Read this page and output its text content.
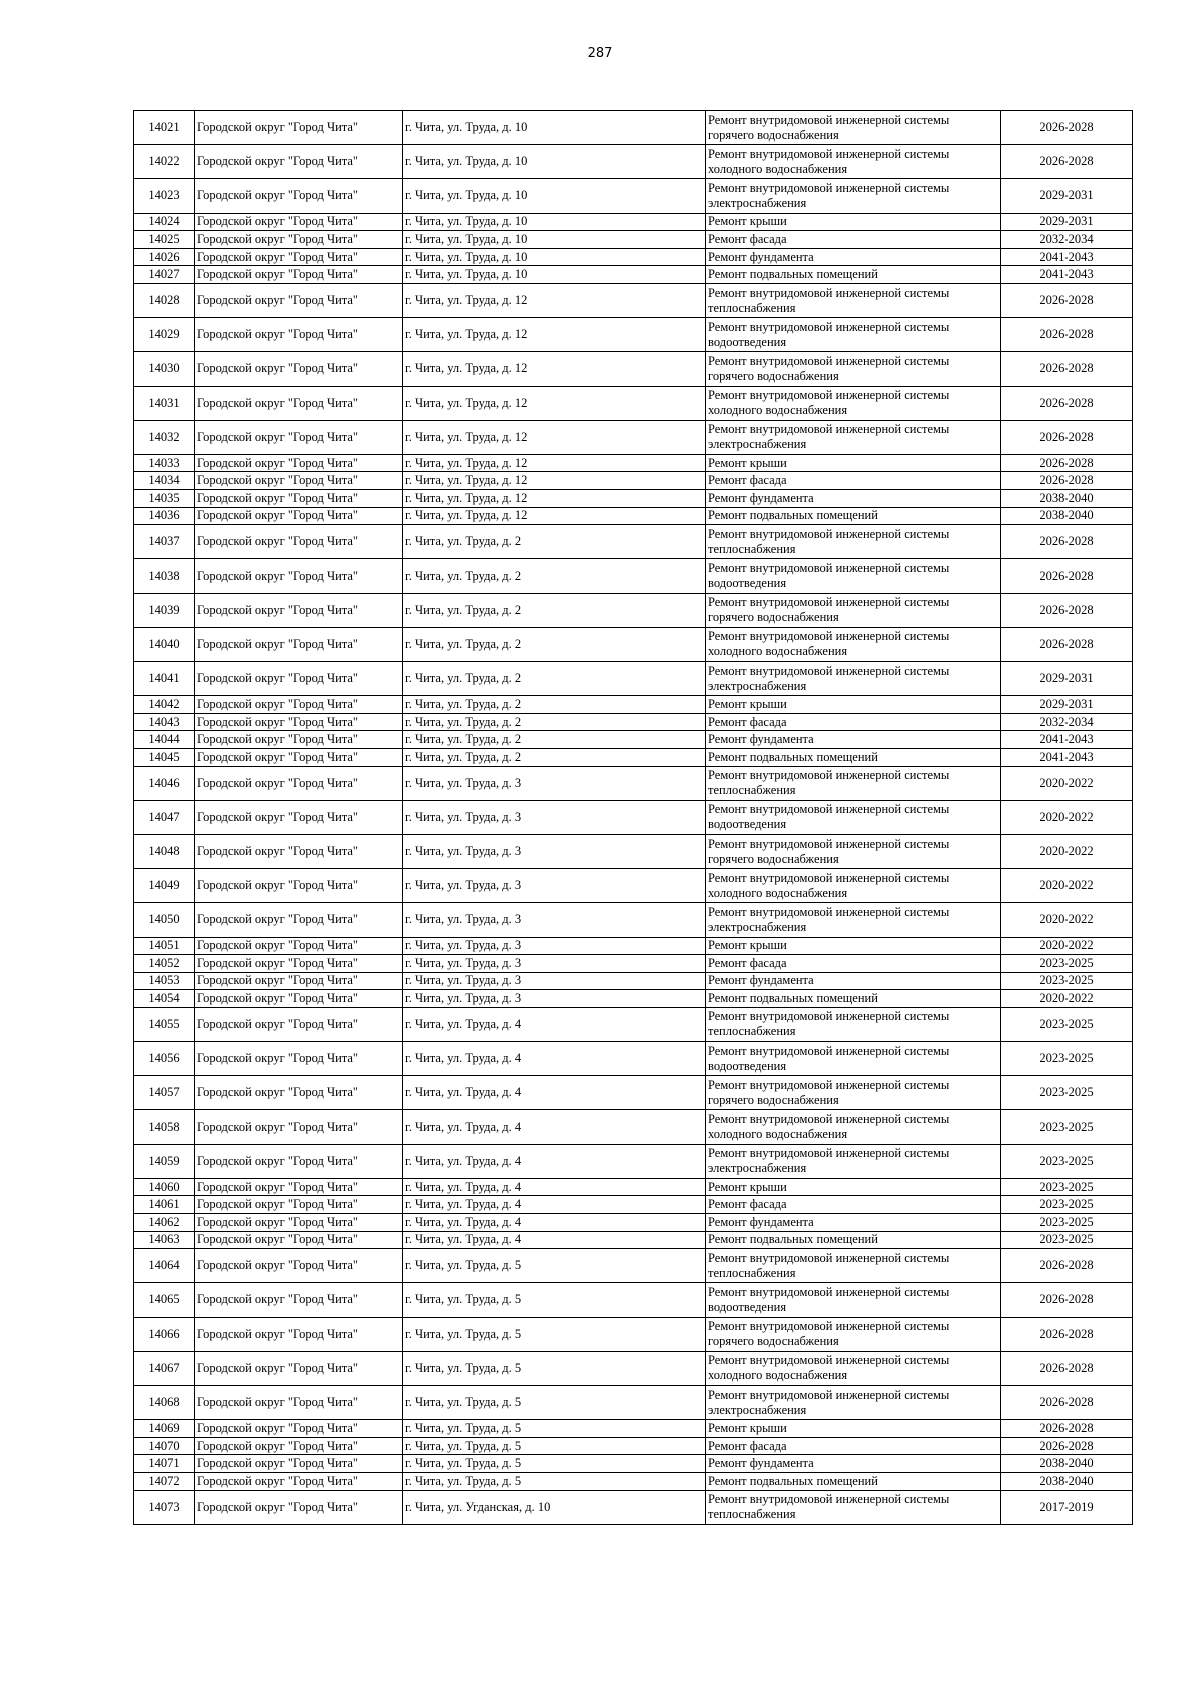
287
14021	Городской округ "Город Чита"	г. Чита, ул. Труда, д. 10	Ремонт внутридомовой инженерной системы горячего водоснабжения	2026-2028
14022	Городской округ "Город Чита"	г. Чита, ул. Труда, д. 10	Ремонт внутридомовой инженерной системы холодного водоснабжения	2026-2028
14023	Городской округ "Город Чита"	г. Чита, ул. Труда, д. 10	Ремонт внутридомовой инженерной системы электроснабжения	2029-2031
14024	Городской округ "Город Чита"	г. Чита, ул. Труда, д. 10	Ремонт крыши	2029-2031
14025	Городской округ "Город Чита"	г. Чита, ул. Труда, д. 10	Ремонт фасада	2032-2034
14026	Городской округ "Город Чита"	г. Чита, ул. Труда, д. 10	Ремонт фундамента	2041-2043
14027	Городской округ "Город Чита"	г. Чита, ул. Труда, д. 10	Ремонт подвальных помещений	2041-2043
14028	Городской округ "Город Чита"	г. Чита, ул. Труда, д. 12	Ремонт внутридомовой инженерной системы теплоснабжения	2026-2028
14029	Городской округ "Город Чита"	г. Чита, ул. Труда, д. 12	Ремонт внутридомовой инженерной системы водоотведения	2026-2028
14030	Городской округ "Город Чита"	г. Чита, ул. Труда, д. 12	Ремонт внутридомовой инженерной системы горячего водоснабжения	2026-2028
14031	Городской округ "Город Чита"	г. Чита, ул. Труда, д. 12	Ремонт внутридомовой инженерной системы холодного водоснабжения	2026-2028
14032	Городской округ "Город Чита"	г. Чита, ул. Труда, д. 12	Ремонт внутридомовой инженерной системы электроснабжения	2026-2028
14033	Городской округ "Город Чита"	г. Чита, ул. Труда, д. 12	Ремонт крыши	2026-2028
14034	Городской округ "Город Чита"	г. Чита, ул. Труда, д. 12	Ремонт фасада	2026-2028
14035	Городской округ "Город Чита"	г. Чита, ул. Труда, д. 12	Ремонт фундамента	2038-2040
14036	Городской округ "Город Чита"	г. Чита, ул. Труда, д. 12	Ремонт подвальных помещений	2038-2040
14037	Городской округ "Город Чита"	г. Чита, ул. Труда, д. 2	Ремонт внутридомовой инженерной системы теплоснабжения	2026-2028
14038	Городской округ "Город Чита"	г. Чита, ул. Труда, д. 2	Ремонт внутридомовой инженерной системы водоотведения	2026-2028
14039	Городской округ "Город Чита"	г. Чита, ул. Труда, д. 2	Ремонт внутридомовой инженерной системы горячего водоснабжения	2026-2028
14040	Городской округ "Город Чита"	г. Чита, ул. Труда, д. 2	Ремонт внутридомовой инженерной системы холодного водоснабжения	2026-2028
14041	Городской округ "Город Чита"	г. Чита, ул. Труда, д. 2	Ремонт внутридомовой инженерной системы электроснабжения	2029-2031
14042	Городской округ "Город Чита"	г. Чита, ул. Труда, д. 2	Ремонт крыши	2029-2031
14043	Городской округ "Город Чита"	г. Чита, ул. Труда, д. 2	Ремонт фасада	2032-2034
14044	Городской округ "Город Чита"	г. Чита, ул. Труда, д. 2	Ремонт фундамента	2041-2043
14045	Городской округ "Город Чита"	г. Чита, ул. Труда, д. 2	Ремонт подвальных помещений	2041-2043
14046	Городской округ "Город Чита"	г. Чита, ул. Труда, д. 3	Ремонт внутридомовой инженерной системы теплоснабжения	2020-2022
14047	Городской округ "Город Чита"	г. Чита, ул. Труда, д. 3	Ремонт внутридомовой инженерной системы водоотведения	2020-2022
14048	Городской округ "Город Чита"	г. Чита, ул. Труда, д. 3	Ремонт внутридомовой инженерной системы горячего водоснабжения	2020-2022
14049	Городской округ "Город Чита"	г. Чита, ул. Труда, д. 3	Ремонт внутридомовой инженерной системы холодного водоснабжения	2020-2022
14050	Городской округ "Город Чита"	г. Чита, ул. Труда, д. 3	Ремонт внутридомовой инженерной системы электроснабжения	2020-2022
14051	Городской округ "Город Чита"	г. Чита, ул. Труда, д. 3	Ремонт крыши	2020-2022
14052	Городской округ "Город Чита"	г. Чита, ул. Труда, д. 3	Ремонт фасада	2023-2025
14053	Городской округ "Город Чита"	г. Чита, ул. Труда, д. 3	Ремонт фундамента	2023-2025
14054	Городской округ "Город Чита"	г. Чита, ул. Труда, д. 3	Ремонт подвальных помещений	2020-2022
14055	Городской округ "Город Чита"	г. Чита, ул. Труда, д. 4	Ремонт внутридомовой инженерной системы теплоснабжения	2023-2025
14056	Городской округ "Город Чита"	г. Чита, ул. Труда, д. 4	Ремонт внутридомовой инженерной системы водоотведения	2023-2025
14057	Городской округ "Город Чита"	г. Чита, ул. Труда, д. 4	Ремонт внутридомовой инженерной системы горячего водоснабжения	2023-2025
14058	Городской округ "Город Чита"	г. Чита, ул. Труда, д. 4	Ремонт внутридомовой инженерной системы холодного водоснабжения	2023-2025
14059	Городской округ "Город Чита"	г. Чита, ул. Труда, д. 4	Ремонт внутридомовой инженерной системы электроснабжения	2023-2025
14060	Городской округ "Город Чита"	г. Чита, ул. Труда, д. 4	Ремонт крыши	2023-2025
14061	Городской округ "Город Чита"	г. Чита, ул. Труда, д. 4	Ремонт фасада	2023-2025
14062	Городской округ "Город Чита"	г. Чита, ул. Труда, д. 4	Ремонт фундамента	2023-2025
14063	Городской округ "Город Чита"	г. Чита, ул. Труда, д. 4	Ремонт подвальных помещений	2023-2025
14064	Городской округ "Город Чита"	г. Чита, ул. Труда, д. 5	Ремонт внутридомовой инженерной системы теплоснабжения	2026-2028
14065	Городской округ "Город Чита"	г. Чита, ул. Труда, д. 5	Ремонт внутридомовой инженерной системы водоотведения	2026-2028
14066	Городской округ "Город Чита"	г. Чита, ул. Труда, д. 5	Ремонт внутридомовой инженерной системы горячего водоснабжения	2026-2028
14067	Городской округ "Город Чита"	г. Чита, ул. Труда, д. 5	Ремонт внутридомовой инженерной системы холодного водоснабжения	2026-2028
14068	Городской округ "Город Чита"	г. Чита, ул. Труда, д. 5	Ремонт внутридомовой инженерной системы электроснабжения	2026-2028
14069	Городской округ "Город Чита"	г. Чита, ул. Труда, д. 5	Ремонт крыши	2026-2028
14070	Городской округ "Город Чита"	г. Чита, ул. Труда, д. 5	Ремонт фасада	2026-2028
14071	Городской округ "Город Чита"	г. Чита, ул. Труда, д. 5	Ремонт фундамента	2038-2040
14072	Городской округ "Город Чита"	г. Чита, ул. Труда, д. 5	Ремонт подвальных помещений	2038-2040
14073	Городской округ "Город Чита"	г. Чита, ул. Угданская, д. 10	Ремонт внутридомовой инженерной системы теплоснабжения	2017-2019
